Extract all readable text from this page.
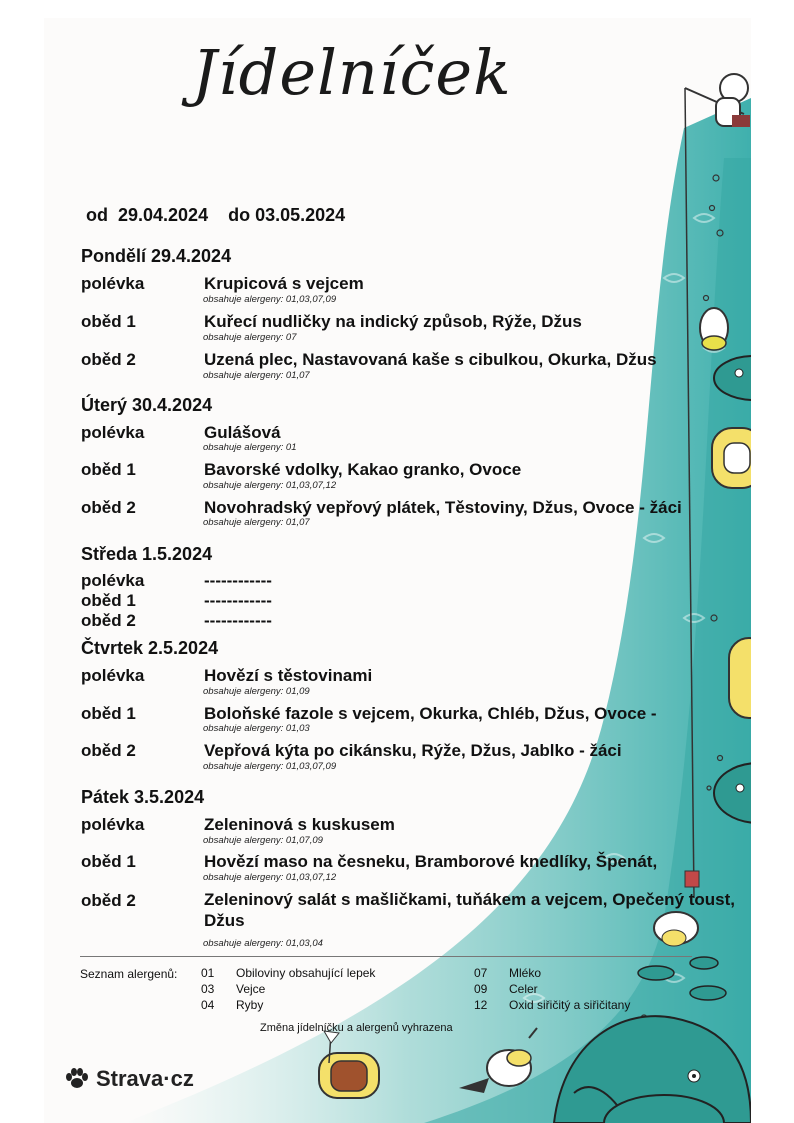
Jídelníček
od  29.04.2024    do 03.05.2024
Pondělí 29.4.2024
polévka	Krupicová s vejcem
obsahuje alergeny: 01,03,07,09
oběd 1	Kuřecí nudličky na indický způsob, Rýže, Džus
obsahuje alergeny: 07
oběd 2	Uzená plec, Nastavovaná kaše s cibulkou, Okurka, Džus
obsahuje alergeny: 01,07
Úterý 30.4.2024
polévka	Gulášová
obsahuje alergeny: 01
oběd 1	Bavorské vdolky, Kakao granko, Ovoce
obsahuje alergeny: 01,03,07,12
oběd 2	Novohradský vepřový plátek, Těstoviny, Džus, Ovoce - žáci
obsahuje alergeny: 01,07
Středa 1.5.2024
polévka	------------
oběd 1	------------
oběd 2	------------
Čtvrtek 2.5.2024
polévka	Hovězí s těstovinami
obsahuje alergeny: 01,09
oběd 1	Boloňské fazole s vejcem, Okurka, Chléb, Džus, Ovoce -
obsahuje alergeny: 01,03
oběd 2	Vepřová kýta po cikánsku, Rýže, Džus, Jablko - žáci
obsahuje alergeny: 01,03,07,09
Pátek 3.5.2024
polévka	Zeleninová s kuskusem
obsahuje alergeny: 01,07,09
oběd 1	Hovězí maso na česneku, Bramborové knedlíky, Špenát,
obsahuje alergeny: 01,03,07,12
oběd 2	Zeleninový salát s mašličkami, tuňákem a vejcem, Opečený toust, Džus
obsahuje alergeny: 01,03,04
Seznam alergenů: 01 Obiloviny obsahující lepek
03 Vejce
04 Ryby
07 Mléko
09 Celer
12 Oxid siřičitý a siřičitany
Změna jídelníčku a alergenů vyhrazena
Strava·cz
